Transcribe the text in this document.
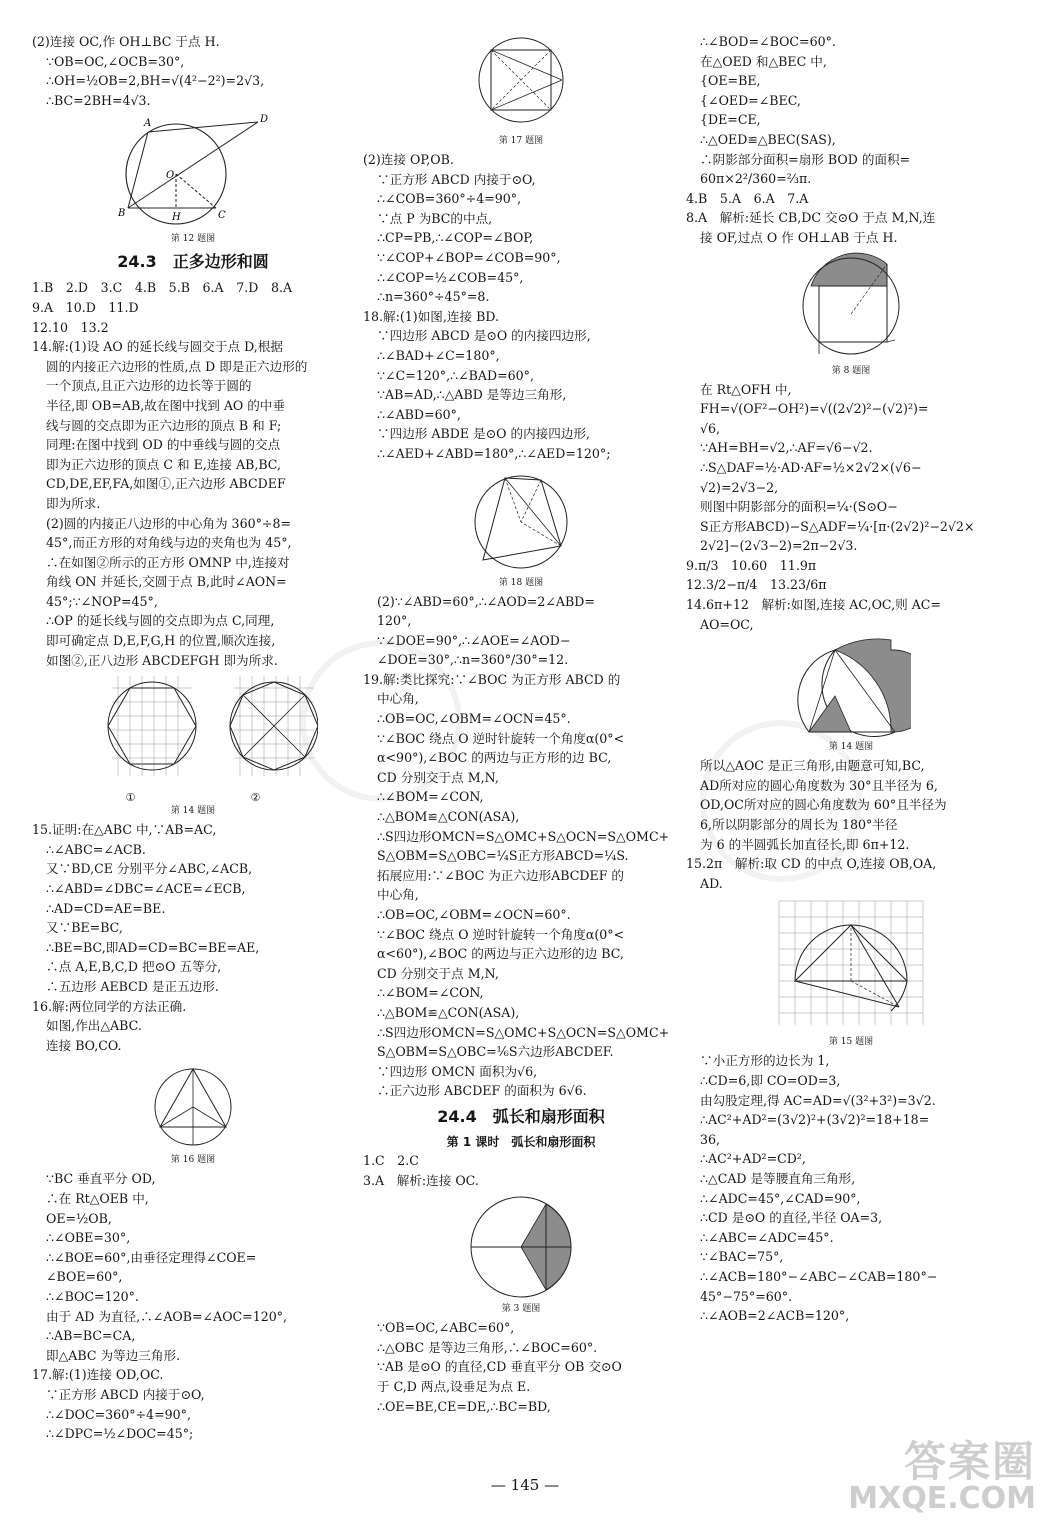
(2)连接 OC,作 OH⊥BC 于点 H.
∵OB=OC,∠OCB=30°,
∴OH=½OB=2,BH=√(4²−2²)=2√3,
∴BC=2BH=4√3.
A	D
B	C
H
O
第 12 题图
24.3　正多边形和圆
1.B　2.D　3.C　4.B　5.B　6.A　7.D　8.A
9.A　10.D　11.D
12.10　13.2
14.解:(1)设 AO 的延长线与圆交于点 D,根据
圆的内接正六边形的性质,点 D 即是正六边形的
一个顶点,且正六边形的边长等于圆的
半径,即 OB=AB,故在图中找到 AO 的中垂
线与圆的交点即为正六边形的顶点 B 和 F;
同理:在图中找到 OD 的中垂线与圆的交点
即为正六边形的顶点 C 和 E,连接 AB,BC,
CD,DE,EF,FA,如图①,正六边形 ABCDEF
即为所求.
(2)圆的内接正八边形的中心角为 360°÷8=
45°,而正方形的对角线与边的夹角也为 45°,
∴在如图②所示的正方形 OMNP 中,连接对
角线 ON 并延长,交圆于点 B,此时∠AON=
45°;∵∠NOP=45°,
∴OP 的延长线与圆的交点即为点 C,同理,
即可确定点 D,E,F,G,H 的位置,顺次连接,
如图②,正八边形 ABCDEFGH 即为所求.
①	②
第 14 题图
15.证明:在△ABC 中,∵AB=AC,
∴∠ABC=∠ACB.
又∵BD,CE 分别平分∠ABC,∠ACB,
∴∠ABD=∠DBC=∠ACE=∠ECB,
∴AD=CD=AE=BE.
又∵BE=BC,
∴BE=BC,即AD=CD=BC=BE=AE,
∴点 A,E,B,C,D 把⊙O 五等分,
∴五边形 AEBCD 是正五边形.
16.解:两位同学的方法正确.
如图,作出△ABC.
连接 BO,CO.
第 16 题图
∵BC 垂直平分 OD,
∴在 Rt△OEB 中,
OE=½OB,
∴∠OBE=30°,
∴∠BOE=60°,由垂径定理得∠COE=
∠BOE=60°,
∴∠BOC=120°.
由于 AD 为直径,∴∠AOB=∠AOC=120°,
∴AB=BC=CA,
即△ABC 为等边三角形.
17.解:(1)连接 OD,OC.
∵正方形 ABCD 内接于⊙O,
∴∠DOC=360°÷4=90°,
∴∠DPC=½∠DOC=45°;
第 17 题图
(2)连接 OP,OB.
∵正方形 ABCD 内接于⊙O,
∴∠COB=360°÷4=90°,
∵点 P 为BC的中点,
∴CP=PB,∴∠COP=∠BOP,
∵∠COP+∠BOP=∠COB=90°,
∴∠COP=½∠COB=45°,
∴n=360°÷45°=8.
18.解:(1)如图,连接 BD.
∵四边形 ABCD 是⊙O 的内接四边形,
∴∠BAD+∠C=180°,
∵∠C=120°,∴∠BAD=60°,
∵AB=AD,∴△ABD 是等边三角形,
∴∠ABD=60°,
∵四边形 ABDE 是⊙O 的内接四边形,
∴∠AED+∠ABD=180°,∴∠AED=120°;
第 18 题图
(2)∵∠ABD=60°,∴∠AOD=2∠ABD=
120°,
∵∠DOE=90°,∴∠AOE=∠AOD−
∠DOE=30°,∴n=360°/30°=12.
19.解:类比探究:∵∠BOC 为正方形 ABCD 的
中心角,
∴OB=OC,∠OBM=∠OCN=45°.
∵∠BOC 绕点 O 逆时针旋转一个角度α(0°<
α<90°),∠BOC 的两边与正方形的边 BC,
CD 分别交于点 M,N,
∴∠BOM=∠CON,
∴△BOM≌△CON(ASA),
∴S四边形OMCN=S△OMC+S△OCN=S△OMC+
S△OBM=S△OBC=¼S正方形ABCD=¼S.
拓展应用:∵∠BOC 为正六边形ABCDEF 的
中心角,
∴OB=OC,∠OBM=∠OCN=60°.
∵∠BOC 绕点 O 逆时针旋转一个角度α(0°<
α<60°),∠BOC 的两边与正六边形的边 BC,
CD 分别交于点 M,N,
∴∠BOM=∠CON,
∴△BOM≌△CON(ASA),
∴S四边形OMCN=S△OMC+S△OCN=S△OMC+
S△OBM=S△OBC=⅙S六边形ABCDEF.
∵四边形 OMCN 面积为√6,
∴正六边形 ABCDEF 的面积为 6√6.
24.4　弧长和扇形面积
第 1 课时　弧长和扇形面积
1.C　2.C
3.A　解析:连接 OC.
第 3 题图
∵OB=OC,∠ABC=60°,
∴△OBC 是等边三角形,∴∠BOC=60°.
∵AB 是⊙O 的直径,CD 垂直平分 OB 交⊙O
于 C,D 两点,设垂足为点 E.
∴OE=BE,CE=DE,∴BC=BD,
∴∠BOD=∠BOC=60°.
在△OED 和△BEC 中,
{OE=BE,
{∠OED=∠BEC,
{DE=CE,
∴△OED≌△BEC(SAS),
∴阴影部分面积=扇形 BOD 的面积=
60π×2²/360=⅔π.
4.B　5.A　6.A　7.A
8.A　解析:延长 CB,DC 交⊙O 于点 M,N,连
接 OF,过点 O 作 OH⊥AB 于点 H.
第 8 题图
在 Rt△OFH 中,
FH=√(OF²−OH²)=√((2√2)²−(√2)²)=
√6,
∵AH=BH=√2,∴AF=√6−√2.
∴S△DAF=½·AD·AF=½×2√2×(√6−
√2)=2√3−2,
则图中阴影部分的面积=¼·(S⊙O−
S正方形ABCD)−S△ADF=¼·[π·(2√2)²−2√2×
2√2]−(2√3−2)=2π−2√3.
9.π/3　10.60　11.9π
12.3/2−π/4　13.23/6π
14.6π+12　解析:如图,连接 AC,OC,则 AC=
AO=OC,
第 14 题图
所以△AOC 是正三角形,由题意可知,BC,
AD所对应的圆心角度数为 30°且半径为 6,
OD,OC所对应的圆心角度数为 60°且半径为
6,所以阴影部分的周长为 180°半径
为 6 的半圆弧长加直径长,即 6π+12.
15.2π　解析:取 CD 的中点 O,连接 OB,OA,
AD.
第 15 题图
∵小正方形的边长为 1,
∴CD=6,即 CO=OD=3,
由勾股定理,得 AC=AD=√(3²+3²)=3√2.
∴AC²+AD²=(3√2)²+(3√2)²=18+18=
36,
∴AC²+AD²=CD²,
∴△CAD 是等腰直角三角形,
∴∠ADC=45°,∠CAD=90°,
∴CD 是⊙O 的直径,半径 OA=3,
∴∠ABC=∠ADC=45°.
∵∠BAC=75°,
∴∠ACB=180°−∠ABC−∠CAB=180°−
45°−75°=60°.
∴∠AOB=2∠ACB=120°,
— 145 —	答案圈
MXQE.COM
